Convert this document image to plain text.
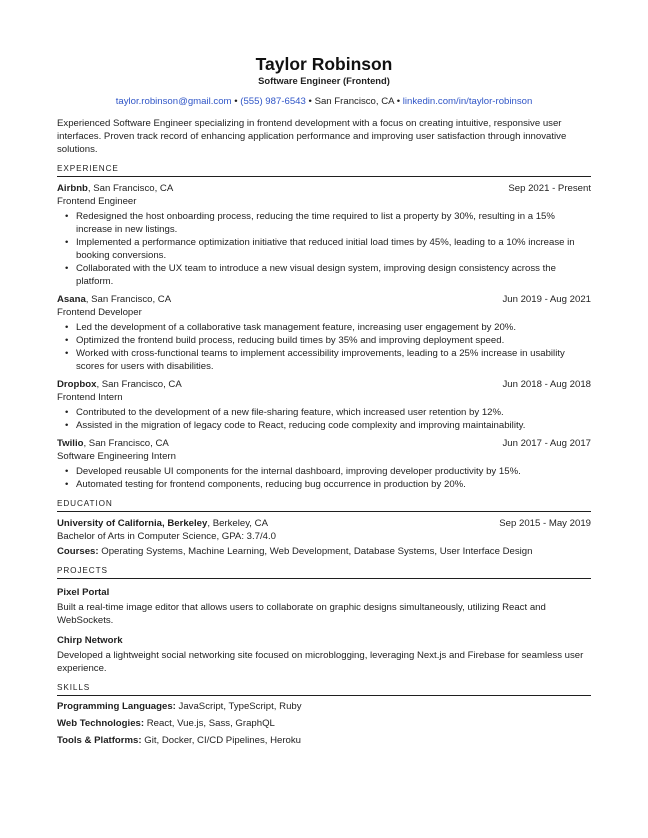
Taylor Robinson
Software Engineer (Frontend)
taylor.robinson@gmail.com • (555) 987-6543 • San Francisco, CA • linkedin.com/in/taylor-robinson
Experienced Software Engineer specializing in frontend development with a focus on creating intuitive, responsive user interfaces. Proven track record of enhancing application performance and improving user satisfaction through innovative solutions.
EXPERIENCE
Airbnb, San Francisco, CA	Sep 2021 - Present
Frontend Engineer
• Redesigned the host onboarding process, reducing the time required to list a property by 30%, resulting in a 15% increase in new listings.
• Implemented a performance optimization initiative that reduced initial load times by 45%, leading to a 10% increase in booking conversions.
• Collaborated with the UX team to introduce a new visual design system, improving design consistency across the platform.
Asana, San Francisco, CA	Jun 2019 - Aug 2021
Frontend Developer
• Led the development of a collaborative task management feature, increasing user engagement by 20%.
• Optimized the frontend build process, reducing build times by 35% and improving deployment speed.
• Worked with cross-functional teams to implement accessibility improvements, leading to a 25% increase in usability scores for users with disabilities.
Dropbox, San Francisco, CA	Jun 2018 - Aug 2018
Frontend Intern
• Contributed to the development of a new file-sharing feature, which increased user retention by 12%.
• Assisted in the migration of legacy code to React, reducing code complexity and improving maintainability.
Twilio, San Francisco, CA	Jun 2017 - Aug 2017
Software Engineering Intern
• Developed reusable UI components for the internal dashboard, improving developer productivity by 15%.
• Automated testing for frontend components, reducing bug occurrence in production by 20%.
EDUCATION
University of California, Berkeley, Berkeley, CA	Sep 2015 - May 2019
Bachelor of Arts in Computer Science, GPA: 3.7/4.0
Courses: Operating Systems, Machine Learning, Web Development, Database Systems, User Interface Design
PROJECTS
Pixel Portal
Built a real-time image editor that allows users to collaborate on graphic designs simultaneously, utilizing React and WebSockets.
Chirp Network
Developed a lightweight social networking site focused on microblogging, leveraging Next.js and Firebase for seamless user experience.
SKILLS
Programming Languages: JavaScript, TypeScript, Ruby
Web Technologies: React, Vue.js, Sass, GraphQL
Tools & Platforms: Git, Docker, CI/CD Pipelines, Heroku
